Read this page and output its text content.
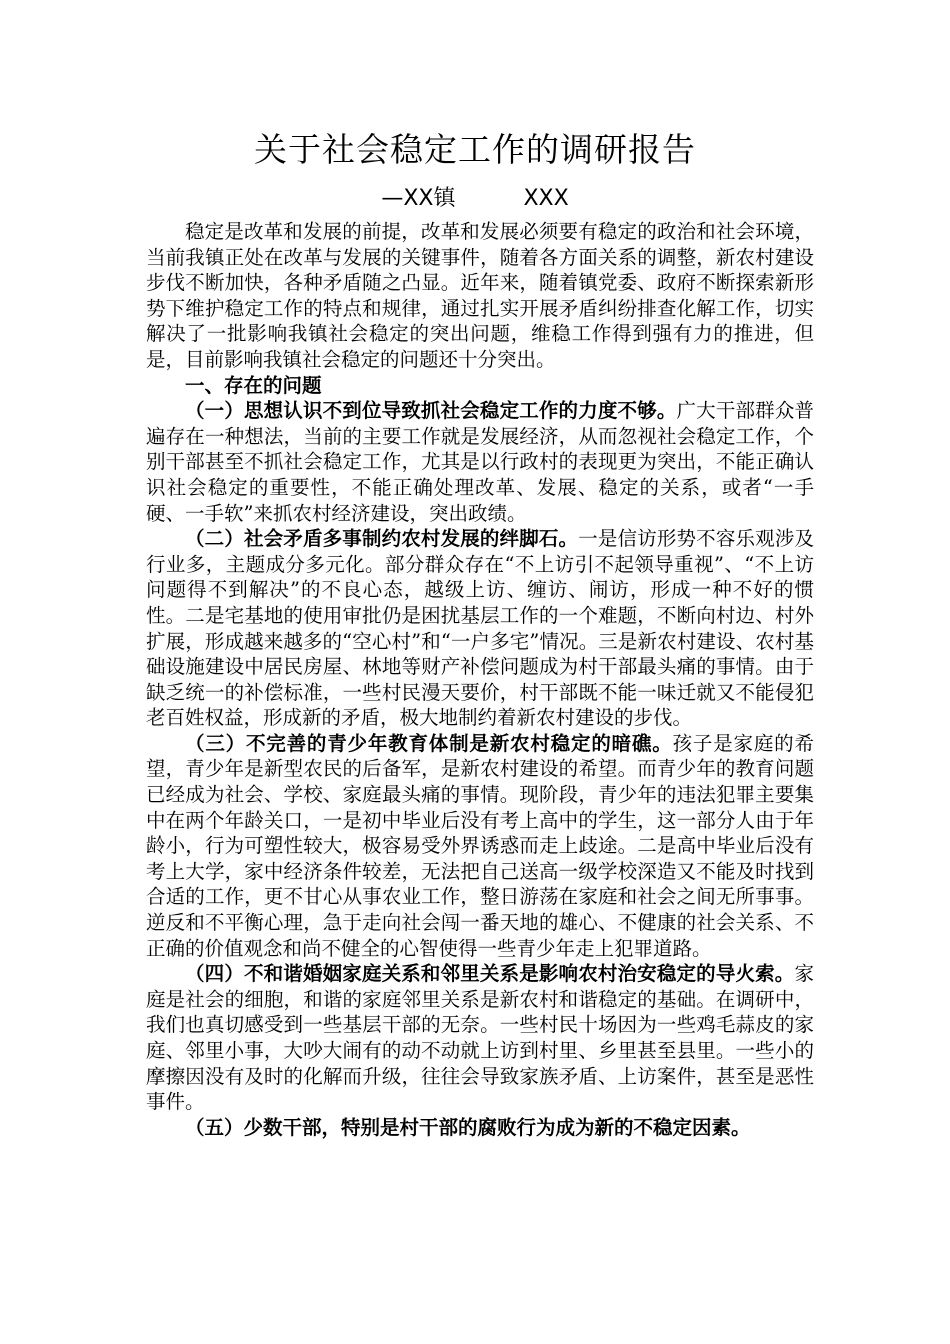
关于社会稳定工作的调研报告
—XX镇	XXX

稳定是改革和发展的前提，改革和发展必须要有稳定的政治和社会环境，当前我镇正处在改革与发展的关键事件，随着各方面关系的调整，新农村建设步伐不断加快，各种矛盾随之凸显。近年来，随着镇党委、政府不断探索新形势下维护稳定工作的特点和规律，通过扎实开展矛盾纠纷排查化解工作，切实解决了一批影响我镇社会稳定的突出问题，维稳工作得到强有力的推进，但是，目前影响我镇社会稳定的问题还十分突出。

一、存在的问题

（一）思想认识不到位导致抓社会稳定工作的力度不够。广大干部群众普遍存在一种想法，当前的主要工作就是发展经济，从而忽视社会稳定工作，个别干部甚至不抓社会稳定工作，尤其是以行政村的表现更为突出，不能正确认识社会稳定的重要性，不能正确处理改革、发展、稳定的关系，或者“一手硬、一手软”来抓农村经济建设，突出政绩。

（二）社会矛盾多事制约农村发展的绊脚石。一是信访形势不容乐观涉及行业多，主题成分多元化。部分群众存在“不上访引不起领导重视”、“不上访问题得不到解决”的不良心态，越级上访、缠访、闹访，形成一种不好的惯性。二是宅基地的使用审批仍是困扰基层工作的一个难题，不断向村边、村外扩展，形成越来越多的“空心村”和“一户多宅”情况。三是新农村建设、农村基础设施建设中居民房屋、林地等财产补偿问题成为村干部最头痛的事情。由于缺乏统一的补偿标准，一些村民漫天要价，村干部既不能一味迁就又不能侵犯老百姓权益，形成新的矛盾，极大地制约着新农村建设的步伐。

（三）不完善的青少年教育体制是新农村稳定的暗礁。孩子是家庭的希望，青少年是新型农民的后备军，是新农村建设的希望。而青少年的教育问题已经成为社会、学校、家庭最头痛的事情。现阶段，青少年的违法犯罪主要集中在两个年龄关口，一是初中毕业后没有考上高中的学生，这一部分人由于年龄小，行为可塑性较大，极容易受外界诱惑而走上歧途。二是高中毕业后没有考上大学，家中经济条件较差，无法把自己送高一级学校深造又不能及时找到合适的工作，更不甘心从事农业工作，整日游荡在家庭和社会之间无所事事。逆反和不平衡心理，急于走向社会闯一番天地的雄心、不健康的社会关系、不正确的价值观念和尚不健全的心智使得一些青少年走上犯罪道路。

（四）不和谐婚姻家庭关系和邻里关系是影响农村治安稳定的导火索。家庭是社会的细胞，和谐的家庭邻里关系是新农村和谐稳定的基础。在调研中，我们也真切感受到一些基层干部的无奈。一些村民十场因为一些鸡毛蒜皮的家庭、邻里小事，大吵大闹有的动不动就上访到村里、乡里甚至县里。一些小的摩擦因没有及时的化解而升级，往往会导致家族矛盾、上访案件，甚至是恶性事件。

（五）少数干部，特别是村干部的腐败行为成为新的不稳定因素。
